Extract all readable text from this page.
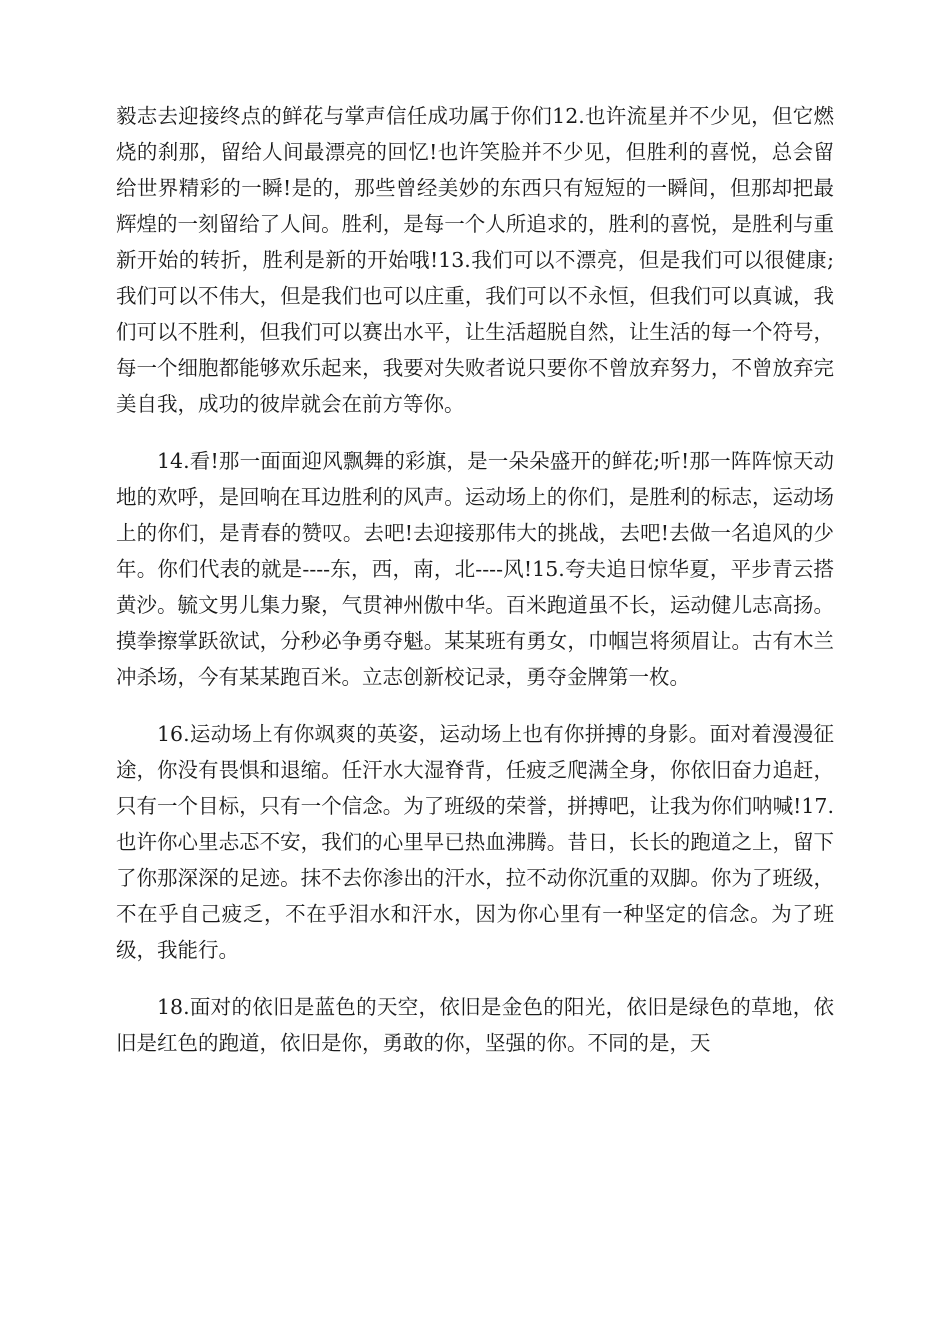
毅志去迎接终点的鲜花与掌声信任成功属于你们12.也许流星并不少见，但它燃烧的刹那，留给人间最漂亮的回忆!也许笑脸并不少见，但胜利的喜悦，总会留给世界精彩的一瞬!是的，那些曾经美妙的东西只有短短的一瞬间，但那却把最辉煌的一刻留给了人间。胜利，是每一个人所追求的，胜利的喜悦，是胜利与重新开始的转折，胜利是新的开始哦!13.我们可以不漂亮，但是我们可以很健康;我们可以不伟大，但是我们也可以庄重，我们可以不永恒，但我们可以真诚，我们可以不胜利，但我们可以赛出水平，让生活超脱自然，让生活的每一个符号，每一个细胞都能够欢乐起来，我要对失败者说只要你不曾放弃努力，不曾放弃完美自我，成功的彼岸就会在前方等你。

14.看!那一面面迎风飘舞的彩旗，是一朵朵盛开的鲜花;听!那一阵阵惊天动地的欢呼，是回响在耳边胜利的风声。运动场上的你们，是胜利的标志，运动场上的你们，是青春的赞叹。去吧!去迎接那伟大的挑战，去吧!去做一名追风的少年。你们代表的就是----东，西，南，北----风!15.夸夫追日惊华夏，平步青云搭黄沙。毓文男儿集力聚，气贯神州傲中华。百米跑道虽不长，运动健儿志高扬。摸拳擦掌跃欲试，分秒必争勇夺魁。某某班有勇女，巾帼岂将须眉让。古有木兰冲杀场，今有某某跑百米。立志创新校记录，勇夺金牌第一枚。

16.运动场上有你飒爽的英姿，运动场上也有你拼搏的身影。面对着漫漫征途，你没有畏惧和退缩。任汗水大湿脊背，任疲乏爬满全身，你依旧奋力追赶，只有一个目标，只有一个信念。为了班级的荣誉，拼搏吧，让我为你们呐喊!17.也许你心里忐忑不安，我们的心里早已热血沸腾。昔日，长长的跑道之上，留下了你那深深的足迹。抹不去你渗出的汗水，拉不动你沉重的双脚。你为了班级，不在乎自己疲乏，不在乎泪水和汗水，因为你心里有一种坚定的信念。为了班级，我能行。

18.面对的依旧是蓝色的天空，依旧是金色的阳光，依旧是绿色的草地，依旧是红色的跑道，依旧是你，勇敢的你，坚强的你。不同的是，天
